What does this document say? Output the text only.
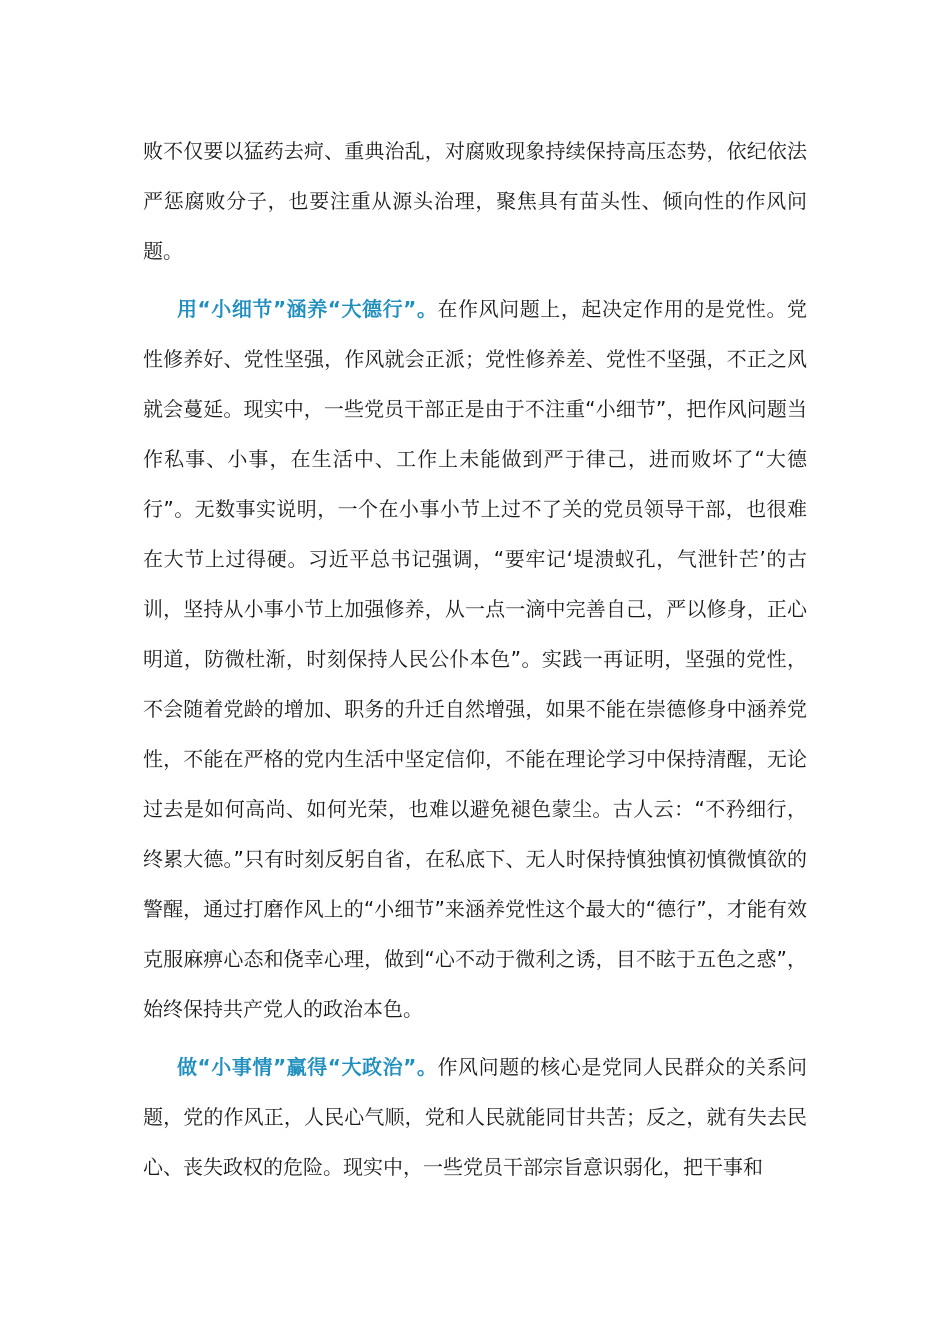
败不仅要以猛药去疴、重典治乱，对腐败现象持续保持高压态势，依纪依法严惩腐败分子，也要注重从源头治理，聚焦具有苗头性、倾向性的作风问题。

用“小细节”涵养“大德行”。在作风问题上，起决定作用的是党性。党性修养好、党性坚强，作风就会正派；党性修养差、党性不坚强，不正之风就会蔓延。现实中，一些党员干部正是由于不注重“小细节”，把作风问题当作私事、小事，在生活中、工作上未能做到严于律己，进而败坏了“大德行”。无数事实说明，一个在小事小节上过不了关的党员领导干部，也很难在大节上过得硬。习近平总书记强调，“要牢记‘堤溃蚁孔，气泄针芒’的古训，坚持从小事小节上加强修养，从一点一滴中完善自己，严以修身，正心明道，防微杜渐，时刻保持人民公仆本色”。实践一再证明，坚强的党性，不会随着党龄的增加、职务的升迁自然增强，如果不能在崇德修身中涵养党性，不能在严格的党内生活中坚定信仰，不能在理论学习中保持清醒，无论过去是如何高尚、如何光荣，也难以避免褪色蒙尘。古人云：“不矜细行，终累大德。”只有时刻反躬自省，在私底下、无人时保持慎独慎初慎微慎欲的警醒，通过打磨作风上的“小细节”来涵养党性这个最大的“德行”，才能有效克服麻痹心态和侥幸心理，做到“心不动于微利之诱，目不眩于五色之惑”，始终保持共产党人的政治本色。

做“小事情”赢得“大政治”。作风问题的核心是党同人民群众的关系问题，党的作风正，人民心气顺，党和人民就能同甘共苦；反之，就有失去民心、丧失政权的危险。现实中，一些党员干部宗旨意识弱化，把干事和
